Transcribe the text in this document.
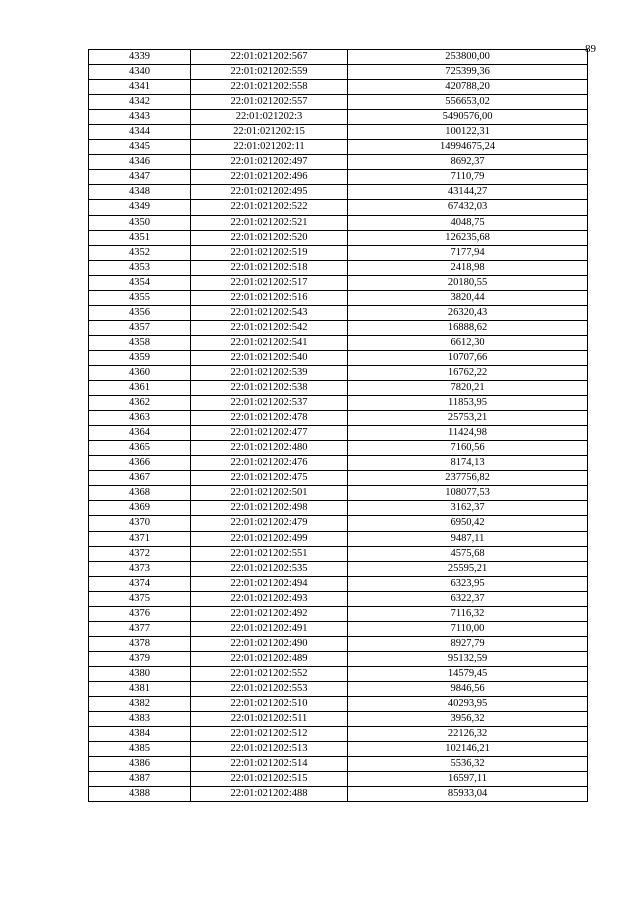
89
4339	22:01:021202:567	253800,00
4340	22:01:021202:559	725399,36
4341	22:01:021202:558	420788,20
4342	22:01:021202:557	556653,02
4343	22:01:021202:3	5490576,00
4344	22:01:021202:15	100122,31
4345	22:01:021202:11	14994675,24
4346	22:01:021202:497	8692,37
4347	22:01:021202:496	7110,79
4348	22:01:021202:495	43144,27
4349	22:01:021202:522	67432,03
4350	22:01:021202:521	4048,75
4351	22:01:021202:520	126235,68
4352	22:01:021202:519	7177,94
4353	22:01:021202:518	2418,98
4354	22:01:021202:517	20180,55
4355	22:01:021202:516	3820,44
4356	22:01:021202:543	26320,43
4357	22:01:021202:542	16888,62
4358	22:01:021202:541	6612,30
4359	22:01:021202:540	10707,66
4360	22:01:021202:539	16762,22
4361	22:01:021202:538	7820,21
4362	22:01:021202:537	11853,95
4363	22:01:021202:478	25753,21
4364	22:01:021202:477	11424,98
4365	22:01:021202:480	7160,56
4366	22:01:021202:476	8174,13
4367	22:01:021202:475	237756,82
4368	22:01:021202:501	108077,53
4369	22:01:021202:498	3162,37
4370	22:01:021202:479	6950,42
4371	22:01:021202:499	9487,11
4372	22:01:021202:551	4575,68
4373	22:01:021202:535	25595,21
4374	22:01:021202:494	6323,95
4375	22:01:021202:493	6322,37
4376	22:01:021202:492	7116,32
4377	22:01:021202:491	7110,00
4378	22:01:021202:490	8927,79
4379	22:01:021202:489	95132,59
4380	22:01:021202:552	14579,45
4381	22:01:021202:553	9846,56
4382	22:01:021202:510	40293,95
4383	22:01:021202:511	3956,32
4384	22:01:021202:512	22126,32
4385	22:01:021202:513	102146,21
4386	22:01:021202:514	5536,32
4387	22:01:021202:515	16597,11
4388	22:01:021202:488	85933,04
